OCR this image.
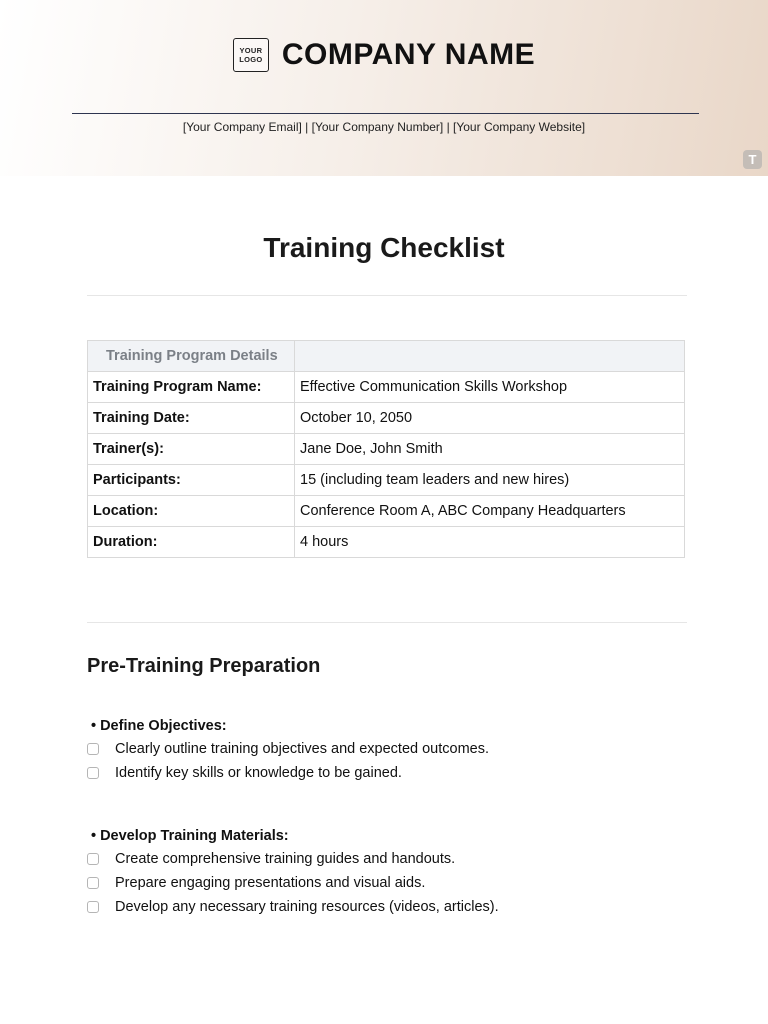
YOUR
LOGO COMPANY NAME
[Your Company Email] | [Your Company Number] | [Your Company Website]
T
Training Checklist
Training Program Details	
Training Program Name:	Effective Communication Skills Workshop
Training Date:	October 10, 2050
Trainer(s):	Jane Doe, John Smith
Participants:	15 (including team leaders and new hires)
Location:	Conference Room A, ABC Company Headquarters
Duration:	4 hours
Pre-Training Preparation
• Define Objectives:
Clearly outline training objectives and expected outcomes.
Identify key skills or knowledge to be gained.
• Develop Training Materials:
Create comprehensive training guides and handouts.
Prepare engaging presentations and visual aids.
Develop any necessary training resources (videos, articles).
